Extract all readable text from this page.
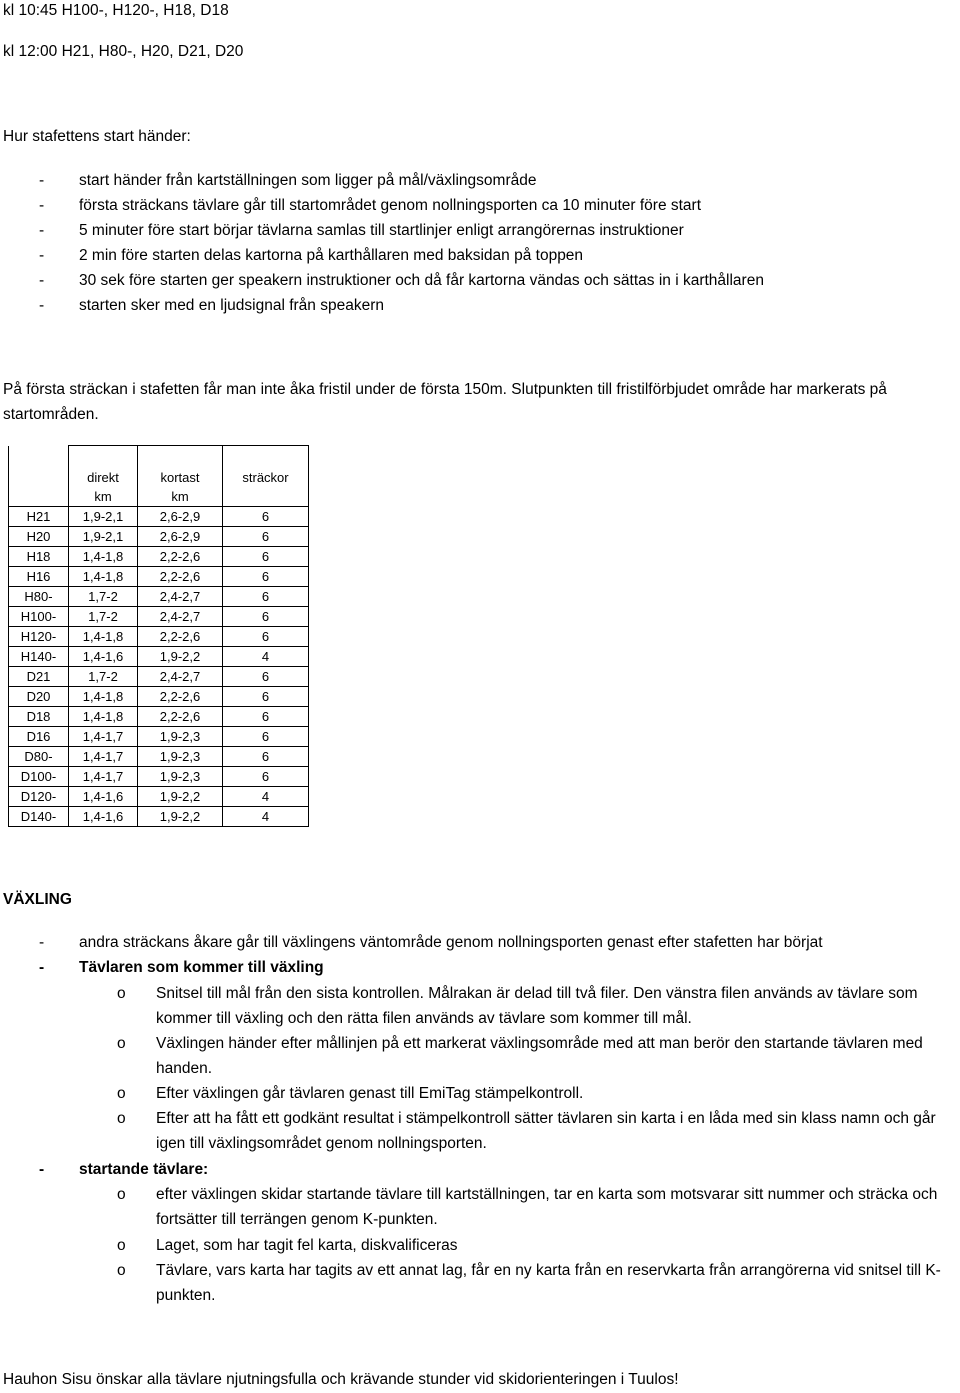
kl 10:45 H100-, H120-, H18, D18
kl 12:00 H21, H80-, H20, D21, D20
Hur stafettens start händer:
- start händer från kartställningen som ligger på mål/växlingsområde
- första sträckans tävlare går till startområdet genom nollningsporten ca 10 minuter före start
- 5 minuter före start börjar tävlarna samlas till startlinjer enligt arrangörernas instruktioner
- 2 min före starten delas kartorna på karthållaren med baksidan på toppen
- 30 sek före starten ger speakern instruktioner och då får kartorna vändas och sättas in i karthållaren
- starten sker med en ljudsignal från speakern
På första sträckan i stafetten får man inte åka fristil under de första 150m. Slutpunkten till fristilförbjudet område har markerats på startområden.

	direkt	kortast	sträckor
	km	km	
H21	1,9-2,1	2,6-2,9	6
H20	1,9-2,1	2,6-2,9	6
H18	1,4-1,8	2,2-2,6	6
H16	1,4-1,8	2,2-2,6	6
H80-	1,7-2	2,4-2,7	6
H100-	1,7-2	2,4-2,7	6
H120-	1,4-1,8	2,2-2,6	6
H140-	1,4-1,6	1,9-2,2	4
D21	1,7-2	2,4-2,7	6
D20	1,4-1,8	2,2-2,6	6
D18	1,4-1,8	2,2-2,6	6
D16	1,4-1,7	1,9-2,3	6
D80-	1,4-1,7	1,9-2,3	6
D100-	1,4-1,7	1,9-2,3	6
D120-	1,4-1,6	1,9-2,2	4
D140-	1,4-1,6	1,9-2,2	4
VÄXLING
- andra sträckans åkare går till växlingens väntområde genom nollningsporten genast efter stafetten har börjat
- Tävlaren som kommer till växling
o Snitsel till mål från den sista kontrollen. Målrakan är delad till två filer. Den vänstra filen används av tävlare som kommer till växling och den rätta filen används av tävlare som kommer till mål.
o Växlingen händer efter mållinjen på ett markerat växlingsområde med att man berör den startande tävlaren med handen.
o Efter växlingen går tävlaren genast till EmiTag stämpelkontroll.
o Efter att ha fått ett godkänt resultat i stämpelkontroll sätter tävlaren sin karta i en låda med sin klass namn och går igen till växlingsområdet genom nollningsporten.
- startande tävlare:
o efter växlingen skidar startande tävlare till kartställningen, tar en karta som motsvarar sitt nummer och sträcka och fortsätter till terrängen genom K-punkten.
o Laget, som har tagit fel karta, diskvalificeras
o Tävlare, vars karta har tagits av ett annat lag, får en ny karta från en reservkarta från arrangörerna vid snitsel till K-punkten.
Hauhon Sisu önskar alla tävlare njutningsfulla och krävande stunder vid skidorienteringen i Tuulos!
